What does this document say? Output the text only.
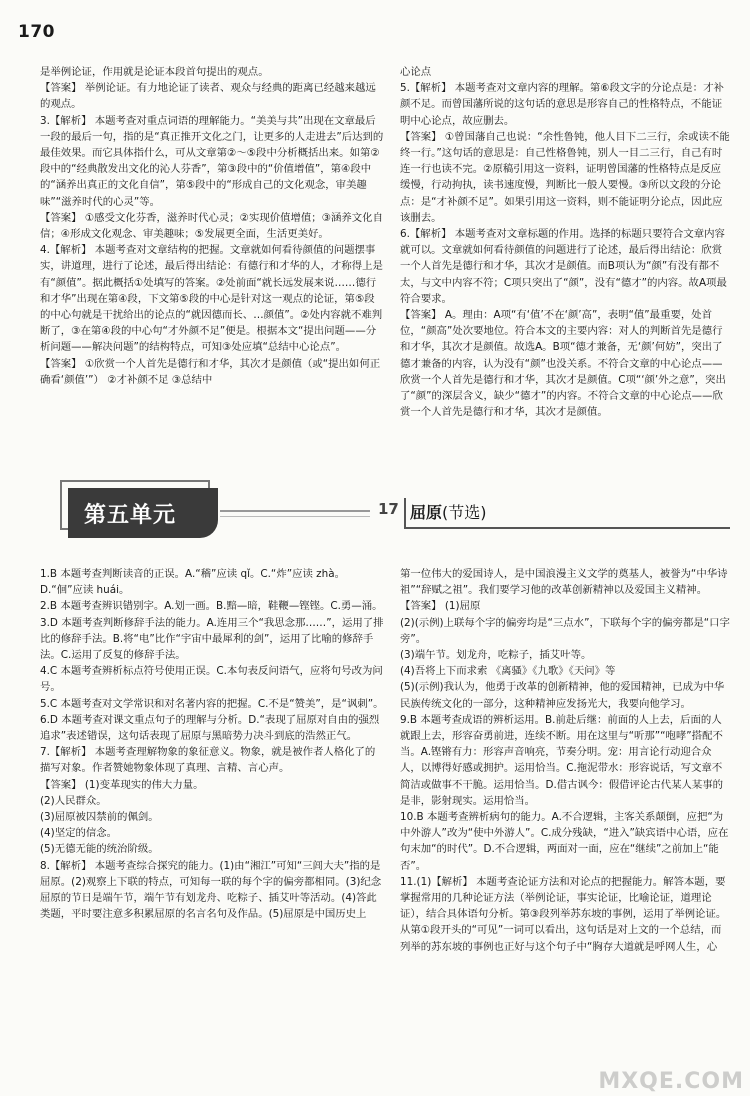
170

是举例论证，作用就是论证本段首句提出的观点。

【答案】 举例论证。有力地论证了读者、观众与经典的距离已经越来越远的观点。

3.【解析】 本题考查对重点词语的理解能力。“美美与共”出现在文章最后一段的最后一句，指的是“真正推开文化之门，让更多的人走进去”后达到的最佳效果。而它具体指什么，可从文章第②～⑤段中分析概括出来。如第②段中的“经典散发出文化的沁人芬香”，第③段中的“价值增值”，第④段中的“涵养出真正的文化自信”，第⑤段中的“形成自己的文化观念，审美趣味”“滋养时代的心灵”等。

【答案】 ①感受文化芬香，滋养时代心灵；②实现价值增值；③涵养文化自信；④形成文化观念、审美趣味；⑤发展更全面，生活更美好。

4.【解析】 本题考查对文章结构的把握。文章就如何看待颜值的问题摆事实，讲道理，进行了论述，最后得出结论：有德行和才华的人，才称得上是有“颜值”。据此概括①处填写的答案。②处前面“就长远发展来说……德行和才华”出现在第④段，下文第⑤段的中心是针对这一观点的论证，第⑤段的中心句就是干扰给出的论点的“就因德而长、…颜值”。②处内容就不难判断了，③在第④段的中心句“才外颜不足”便是。根据本文“提出问题——分析问题——解决问题”的结构特点，可知③处应填“总结中心论点”。

【答案】 ①欣赏一个人首先是德行和才华，其次才是颜值（或“提出如何正确看‘颜值’”） ②才补颜不足 ③总结中

心论点

5.【解析】 本题考查对文章内容的理解。第⑥段文字的分论点是：才补颜不足。而曾国藩所说的这句话的意思是形容自己的性格特点，不能证明中心论点，故应删去。

【答案】 ①曾国藩自己也说：“余性鲁钝，他人目下二三行，余或读不能终一行。”这句话的意思是：自己性格鲁钝，别人一目二三行，自己有时连一行也读不完。②原稿引用这一资料，证明曾国藩的性格特点是反应缓慢，行动拘执，读书速度慢，判断比一般人要慢。③所以文段的分论点：是“才补颜不足”。如果引用这一资料，则不能证明分论点，因此应该删去。

6.【解析】 本题考查对文章标题的作用。选择的标题只要符合文章内容就可以。文章就如何看待颜值的问题进行了论述，最后得出结论：欣赏一个人首先是德行和才华，其次才是颜值。而B项认为“颜”有没有都不太，与文中内容不符；C项只突出了“颜”，没有“德才”的内容。故A项最符合要求。

【答案】 A。理由：A项“有‘值’不在‘颜’高”，表明“值”最重要，处首位，“颜高”处次要地位。符合本文的主要内容：对人的判断首先是德行和才华，其次才是颜值。故选A。B项“德才兼备，无‘颜’何妨”，突出了德才兼备的内容，认为没有“颜”也没关系。不符合文章的中心论点——欣赏一个人首先是德行和才华，其次才是颜值。C项“‘颜’外之意”，突出了“颜”的深层含义，缺少“德才”的内容。不符合文章的中心论点——欣赏一个人首先是德行和才华，其次才是颜值。

第五单元	17 屈原(节选)

1.B 本题考查判断读音的正误。A.“稽”应读 qǐ。C.“炸”应读 zhà。D.“佪”应读 huái。

2.B 本题考查辨识错别字。A.划一画。B.黯—暗，鞋鞭—铿铿。C.勇—涌。

3.D 本题考查判断修辞手法的能力。A.连用三个“我思念那……”，运用了排比的修辞手法。B.将“电”比作“宇宙中最犀利的剑”，运用了比喻的修辞手法。C.运用了反复的修辞手法。

4.C 本题考查辨析标点符号使用正误。C.本句表反问语气，应将句号改为问号。

5.C 本题考查对文学常识和对名著内容的把握。C.不是“赞美”，是“讽刺”。

6.D 本题考查对课文重点句子的理解与分析。D.“表现了屈原对自由的强烈追求”表述错误，这句话表现了屈原与黑暗势力决斗到底的浩然正气。

7.【解析】 本题考查理解物象的象征意义。物象，就是被作者人格化了的描写对象。作者赞她物象体现了真理、言精、言心声。

【答案】 (1)变革现实的伟大力量。

(2)人民群众。

(3)屈原被囚禁前的佩剑。

(4)坚定的信念。

(5)无德无能的统治阶级。

8.【解析】 本题考查综合探究的能力。(1)由“湘江”可知“三闾大夫”指的是屈原。(2)观察上下联的特点，可知每一联的每个字的偏旁都相同。(3)纪念屈原的节日是端午节，端午节有划龙舟、吃粽子、插艾叶等活动。(4)答此类题，平时要注意多积累屈原的名言名句及作品。(5)屈原是中国历史上

第一位伟大的爱国诗人，是中国浪漫主义文学的奠基人，被誉为“中华诗祖”“辞赋之祖”。我们要学习他的改革创新精神以及爱国主义精神。

【答案】 (1)屈原

(2)(示例)上联每个字的偏旁均是“三点水”，下联每个字的偏旁都是“口字旁”。

(3)端午节。划龙舟，吃粽子，插艾叶等。

(4)吾将上下而求索 《离骚》《九歌》《天问》等

(5)(示例)我认为，他勇于改革的创新精神，他的爱国精神，已成为中华民族传统文化的一部分，这种精神应发扬光大，我要向他学习。

9.B 本题考查成语的辨析运用。B.前赴后继：前面的人上去，后面的人就跟上去，形容奋勇前进，连续不断。用在这里与“听那”“咆哮”搭配不当。A.铿锵有力：形容声音响亮，节奏分明。宠：用言论行动迎合众人，以博得好感或拥护。运用恰当。C.拖泥带水：形容说话，写文章不简洁或做事不干脆。运用恰当。D.借古讽今：假借评论古代某人某事的是非，影射现实。运用恰当。

10.B 本题考查辨析病句的能力。A.不合逻辑，主客关系颠倒，应把“为中外游人”改为“使中外游人”。C.成分残缺，“进入”缺宾语中心语，应在句末加“的时代”。D.不合逻辑，两面对一面，应在“继续”之前加上“能否”。

11.(1)【解析】 本题考查论证方法和对论点的把握能力。解答本题，要掌握常用的几种论证方法（举例论证，事实论证，比喻论证，道理论证），结合具体语句分析。第③段列举苏东坡的事例，运用了举例论证。从第①段开头的“可见”一词可以看出，这句话是对上文的一个总结，而列举的苏东坡的事例也正好与这个句子中“胸存大道就是呼网人生，心

MXQE.COM
